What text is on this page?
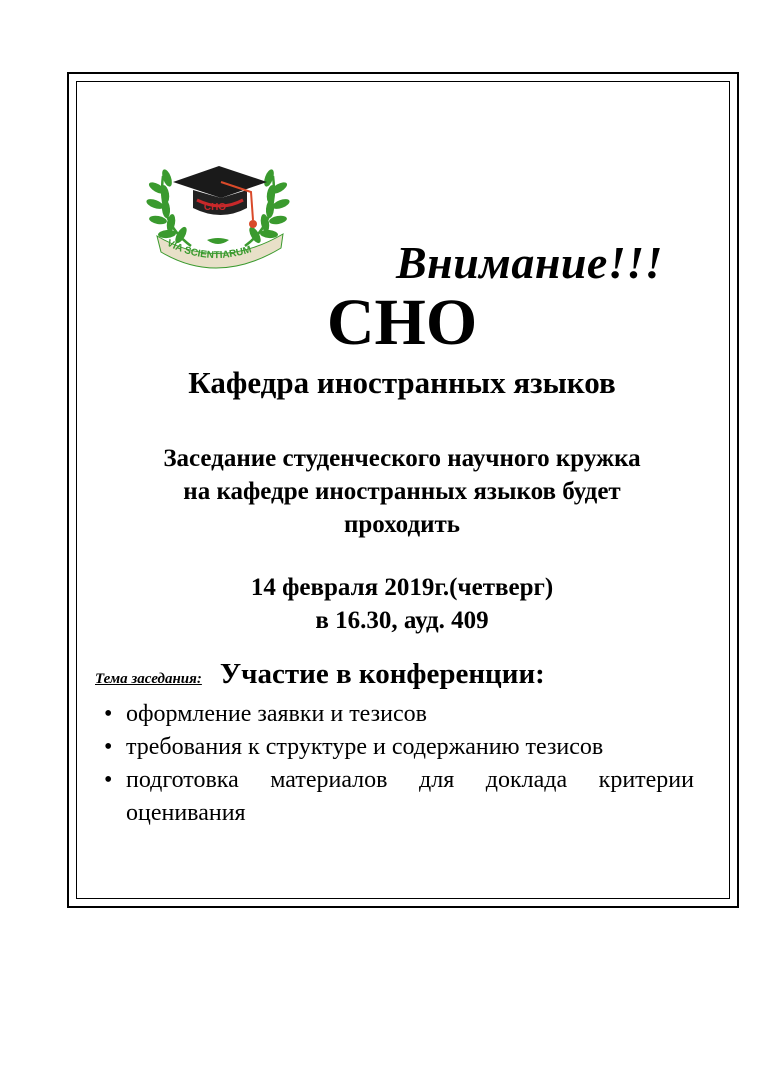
СНО
VIA SCIENTIARUM	Внимание!!!
СНО
Кафедра иностранных языков
Заседание студенческого научного кружка
на кафедре иностранных языков будет
проходить
14 февраля 2019г.(четверг)
в 16.30, ауд. 409
Тема заседания: Участие в конференции:
• оформление заявки и тезисов
• требования к структуре и содержанию тезисов
• подготовка материалов для доклада критерии оценивания
